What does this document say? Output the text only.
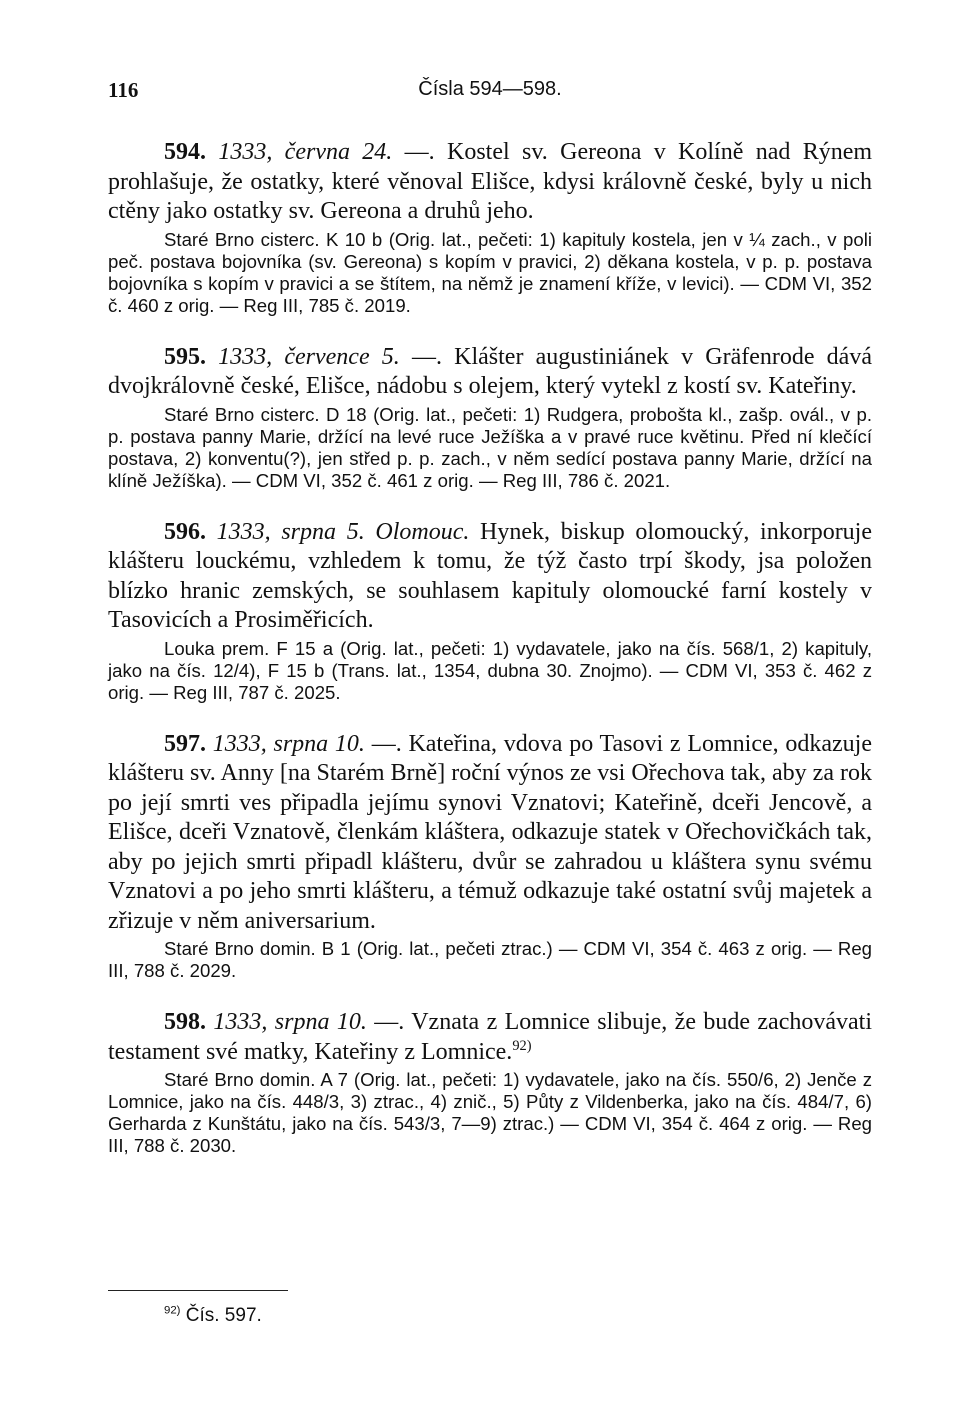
116	Čísla 594—598.

594. 1333, června 24. —. Kostel sv. Gereona v Kolíně nad Rýnem prohlašuje, že ostatky, které věnoval Elišce, kdysi královně české, byly u nich ctěny jako ostatky sv. Gereona a druhů jeho.

Staré Brno cisterc. K 10 b (Orig. lat., pečeti: 1) kapituly kostela, jen v ¼ zach., v poli peč. postava bojovníka (sv. Gereona) s kopím v pravici, 2) děkana kostela, v p. p. postava bojovníka s kopím v pravici a se štítem, na němž je znamení kříže, v levici). — CDM VI, 352 č. 460 z orig. — Reg III, 785 č. 2019.

595. 1333, července 5. —. Klášter augustiniánek v Gräfenrode dává dvojkrálovně české, Elišce, nádobu s olejem, který vytekl z kostí sv. Kateřiny.

Staré Brno cisterc. D 18 (Orig. lat., pečeti: 1) Rudgera, proboštа kl., zašp. ovál., v p. p. postava panny Marie, držící na levé ruce Ježíška a v pravé ruce květinu. Před ní klečící postava, 2) konventu(?), jen střed p. p. zach., v něm sedící postava panny Marie, držící na klíně Ježíška). — CDM VI, 352 č. 461 z orig. — Reg III, 786 č. 2021.

596. 1333, srpna 5. Olomouc. Hynek, biskup olomoucký, inkorporuje klášteru louckému, vzhledem k tomu, že týž často trpí škody, jsa položen blízko hranic zemských, se souhlasem kapituly olomoucké farní kostely v Tasovicích a Prosiměřicích.

Louka prem. F 15 a (Orig. lat., pečeti: 1) vydavatele, jako na čís. 568/1, 2) kapituly, jako na čís. 12/4), F 15 b (Trans. lat., 1354, dubna 30. Znojmo). — CDM VI, 353 č. 462 z orig. — Reg III, 787 č. 2025.

597. 1333, srpna 10. —. Kateřina, vdova po Tasovi z Lomnice, odkazuje klášteru sv. Anny [na Starém Brně] roční výnos ze vsi Ořechova tak, aby za rok po její smrti ves připadla jejímu synovi Vznatovi; Kateřině, dceři Jencově, a Elišce, dceři Vznatově, členkám kláštera, odkazuje statek v Ořechovičkách tak, aby po jejich smrti připadl klášteru, dvůr se zahradou u kláštera synu svému Vznatovi a po jeho smrti klášteru, a témuž odkazuje také ostatní svůj majetek a zřizuje v něm aniversarium.

Staré Brno domin. B 1 (Orig. lat., pečeti ztrac.) — CDM VI, 354 č. 463 z orig. — Reg III, 788 č. 2029.

598. 1333, srpna 10. —. Vznata z Lomnice slibuje, že bude zachovávati testament své matky, Kateřiny z Lomnice.$^{92)}$

Staré Brno domin. A 7 (Orig. lat., pečeti: 1) vydavatele, jako na čís. 550/6, 2) Jenče z Lomnice, jako na čís. 448/3, 3) ztrac., 4) znič., 5) Půty z Vildenberka, jako na čís. 484/7, 6) Gerharda z Kunštátu, jako na čís. 543/3, 7—9) ztrac.) — CDM VI, 354 č. 464 z orig. — Reg III, 788 č. 2030.

$^{92)}$ Čís. 597.
